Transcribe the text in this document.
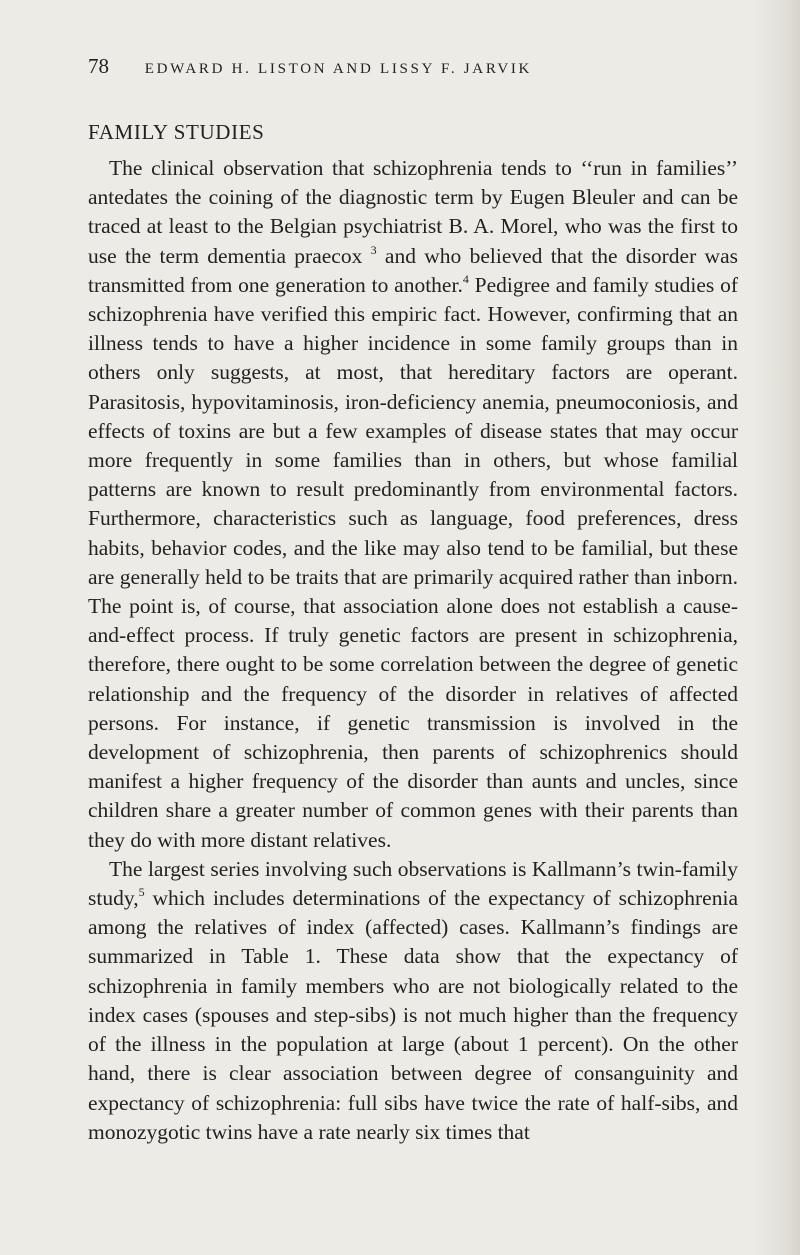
78 EDWARD H. LISTON AND LISSY F. JARVIK
FAMILY STUDIES

The clinical observation that schizophrenia tends to ‘‘run in families’’ antedates the coining of the diagnostic term by Eugen Bleuler and can be traced at least to the Belgian psychiatrist B. A. Morel, who was the first to use the term dementia praecox $^3$ and who believed that the disorder was transmitted from one generation to another.$^4$ Pedigree and family studies of schizophrenia have verified this empiric fact. However, confirming that an illness tends to have a higher incidence in some family groups than in others only suggests, at most, that hereditary factors are operant. Parasitosis, hypovitaminosis, iron-deficiency anemia, pneumoconiosis, and effects of toxins are but a few examples of disease states that may occur more frequently in some families than in others, but whose familial patterns are known to result predominantly from environmental factors. Furthermore, characteristics such as language, food preferences, dress habits, behavior codes, and the like may also tend to be familial, but these are generally held to be traits that are primarily acquired rather than inborn. The point is, of course, that association alone does not establish a cause-and-effect process. If truly genetic factors are present in schizophrenia, therefore, there ought to be some correlation between the degree of genetic relationship and the frequency of the disorder in relatives of affected persons. For instance, if genetic transmission is involved in the development of schizophrenia, then parents of schizophrenics should manifest a higher frequency of the disorder than aunts and uncles, since children share a greater number of common genes with their parents than they do with more distant relatives.

The largest series involving such observations is Kallmann’s twin-family study,$^5$ which includes determinations of the expectancy of schizophrenia among the relatives of index (affected) cases. Kallmann’s findings are summarized in Table 1. These data show that the expectancy of schizophrenia in family members who are not biologically related to the index cases (spouses and step-sibs) is not much higher than the frequency of the illness in the population at large (about 1 percent). On the other hand, there is clear association between degree of consanguinity and expectancy of schizophrenia: full sibs have twice the rate of half-sibs, and monozygotic twins have a rate nearly six times that
